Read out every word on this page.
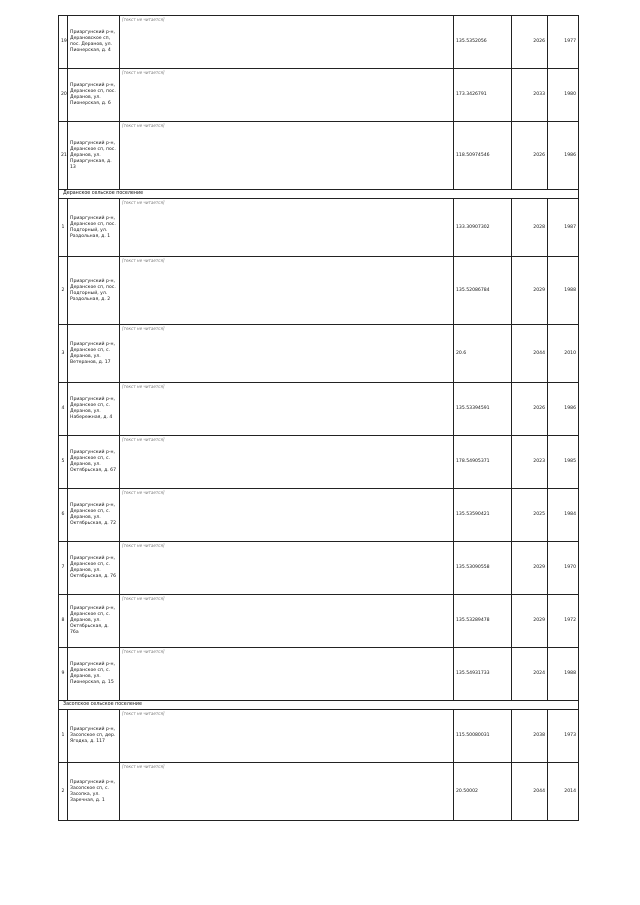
19	Приаргунский р-н, Дерановское сп, пос. Деранов, ул. Пионерская, д. 4	[текст не читается]	135.5352056	2026	1977
20	Приаргунский р-н, Деранское сп, пос. Деранов, ул. Пионерская, д. 6	[текст не читается]	173.3426791	2033	1980
21	Приаргунский р-н, Деранское сп, пос. Деранов, ул. Приаргунская, д. 13	[текст не читается]	118.50974546	2026	1986
Деранское сельское поселение					
1	Приаргунский р-н, Деранское сп, пос. Подгорный, ул. Раздольная, д. 1	[текст не читается]	133.30907302	2028	1987
2	Приаргунский р-н, Деранское сп, пос. Подгорный, ул. Раздольная, д. 2	[текст не читается]	135.52086784	2029	1988
3	Приаргунский р-н, Деранское сп, с. Деранов, ул. Ветеранов, д. 17	[текст не читается]	20.6	2044	2010
4	Приаргунский р-н, Деранское сп, с. Деранов, ул. Набережная, д. 4	[текст не читается]	135.53394591	2026	1986
5	Приаргунский р-н, Деранское сп, с. Деранов, ул. Октябрьская, д. 67	[текст не читается]	178.54905371	2023	1985
6	Приаргунский р-н, Деранское сп, с. Деранов, ул. Октябрьская, д. 72	[текст не читается]	135.53590421	2025	1984
7	Приаргунский р-н, Деранское сп, с. Деранов, ул. Октябрьская, д. 76	[текст не читается]	135.53090558	2029	1970
8	Приаргунский р-н, Деранское сп, с. Деранов, ул. Октябрьская, д. 76а	[текст не читается]	135.53289478	2029	1972
9	Приаргунский р-н, Деранское сп, с. Деранов, ул. Пионерская, д. 15	[текст не читается]	135.54931733	2024	1988
Засопское сельское поселение					
1	Приаргунский р-н, Засопское сп, дер. Ягодка, д. 117	[текст не читается]	115.50080031	2038	1973
2	Приаргунский р-н, Засопское сп, с. Засопка, ул. Заречная, д. 1	[текст не читается]	20.50002	2044	2014
